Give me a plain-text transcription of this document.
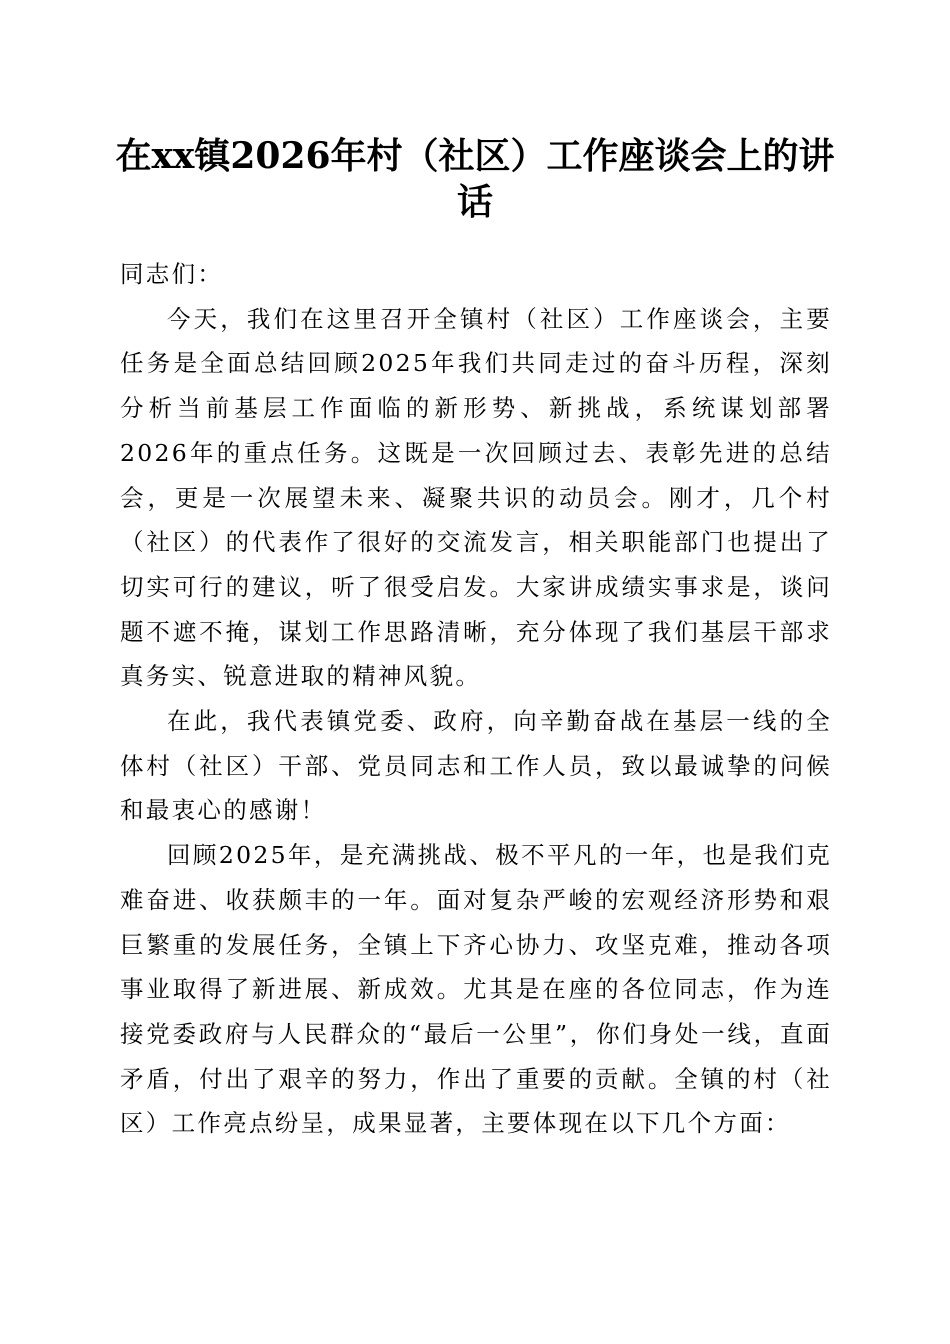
在xx镇2026年村（社区）工作座谈会上的讲话

同志们：

今天，我们在这里召开全镇村（社区）工作座谈会，主要任务是全面总结回顾2025年我们共同走过的奋斗历程，深刻分析当前基层工作面临的新形势、新挑战，系统谋划部署2026年的重点任务。这既是一次回顾过去、表彰先进的总结会，更是一次展望未来、凝聚共识的动员会。刚才，几个村（社区）的代表作了很好的交流发言，相关职能部门也提出了切实可行的建议，听了很受启发。大家讲成绩实事求是，谈问题不遮不掩，谋划工作思路清晰，充分体现了我们基层干部求真务实、锐意进取的精神风貌。

在此，我代表镇党委、政府，向辛勤奋战在基层一线的全体村（社区）干部、党员同志和工作人员，致以最诚挚的问候和最衷心的感谢！

回顾2025年，是充满挑战、极不平凡的一年，也是我们克难奋进、收获颇丰的一年。面对复杂严峻的宏观经济形势和艰巨繁重的发展任务，全镇上下齐心协力、攻坚克难，推动各项事业取得了新进展、新成效。尤其是在座的各位同志，作为连接党委政府与人民群众的“最后一公里”，你们身处一线，直面矛盾，付出了艰辛的努力，作出了重要的贡献。全镇的村（社区）工作亮点纷呈，成果显著，主要体现在以下几个方面：
